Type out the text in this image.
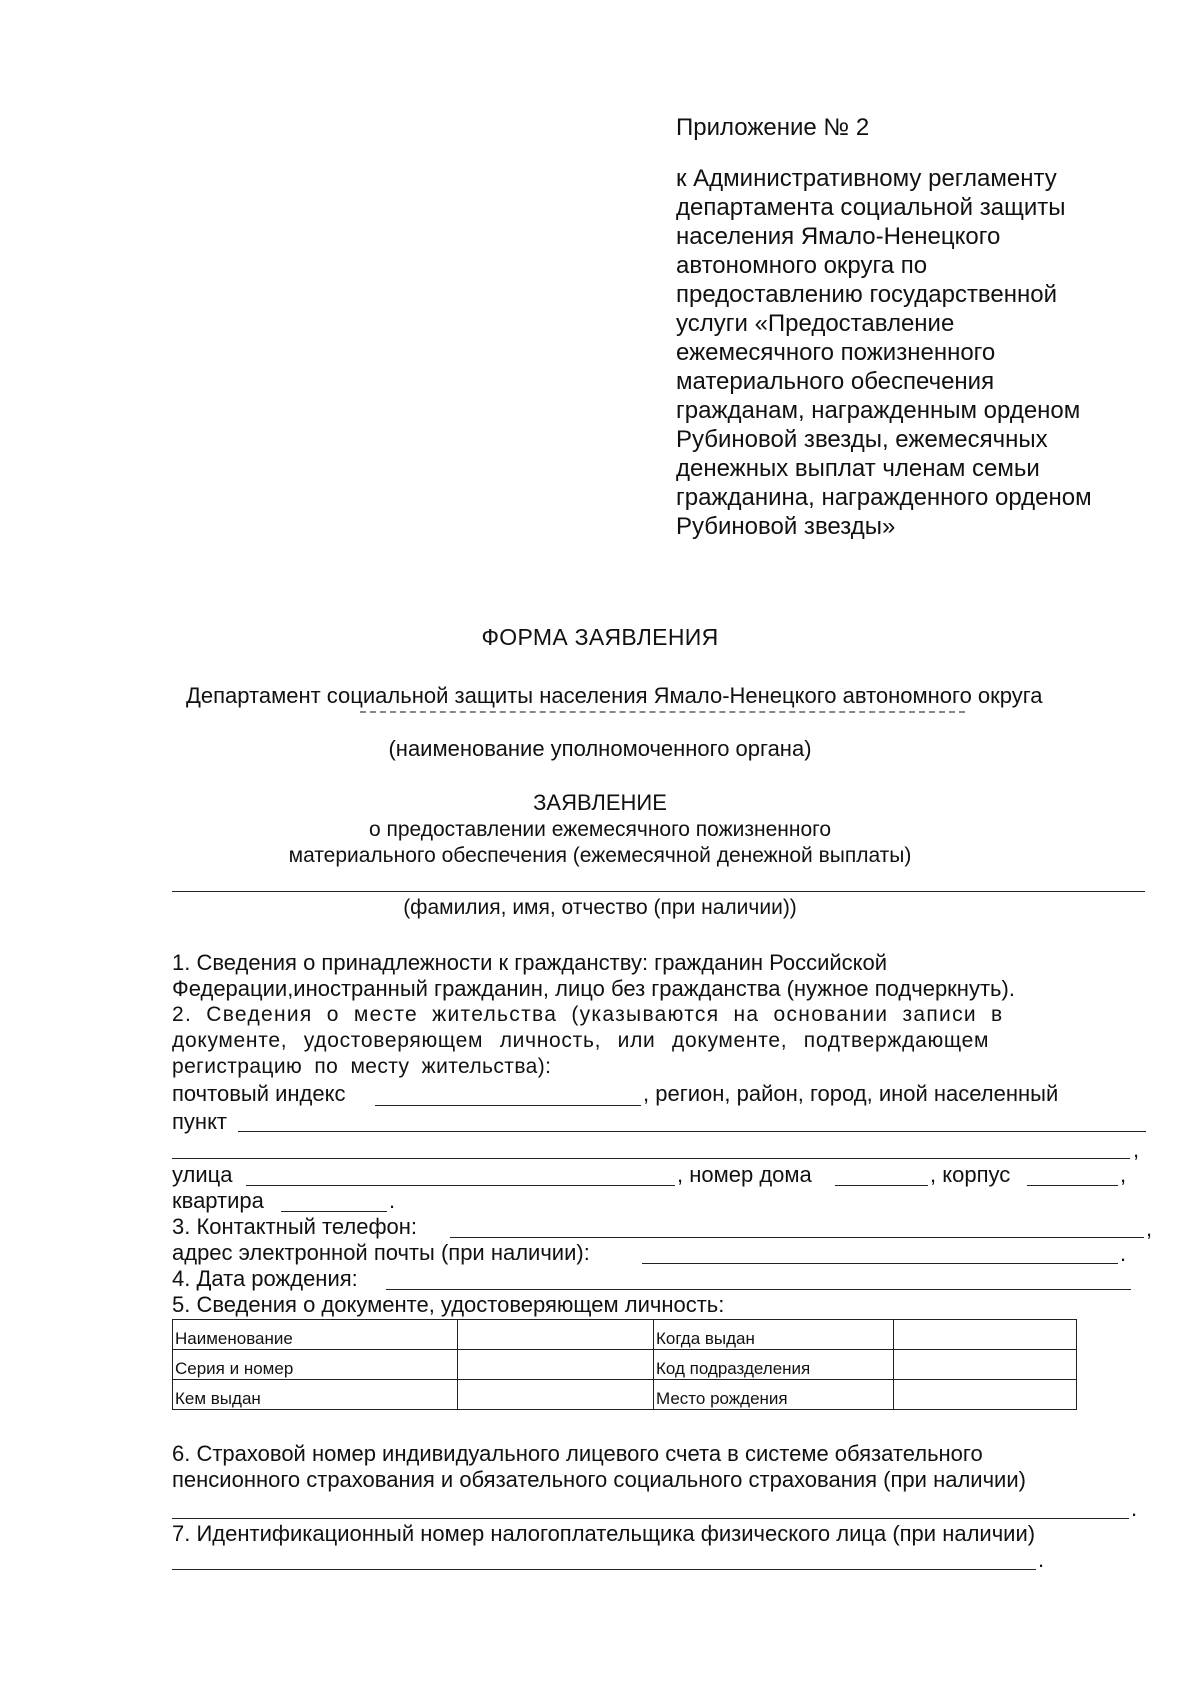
Приложение № 2
к Административному регламенту
департамента социальной защиты
населения Ямало-Ненецкого
автономного округа по
предоставлению государственной
услуги «Предоставление
ежемесячного пожизненного
материального обеспечения
гражданам, награжденным орденом
Рубиновой звезды, ежемесячных
денежных выплат членам семьи
гражданина, награжденного орденом
Рубиновой звезды»
ФОРМА ЗАЯВЛЕНИЯ
Департамент социальной защиты населения Ямало-Ненецкого автономного округа
(наименование уполномоченного органа)
ЗАЯВЛЕНИЕ
о предоставлении ежемесячного пожизненного
материального обеспечения (ежемесячной денежной выплаты)
(фамилия, имя, отчество (при наличии))
1. Сведения о принадлежности к гражданству: гражданин Российской
Федерации,иностранный гражданин, лицо без гражданства (нужное подчеркнуть).
2. Сведения о месте жительства (указываются на основании записи в
документе, удостоверяющем личность, или документе, подтверждающем
регистрацию по месту жительства):
почтовый индекс	, регион, район, город, иной населенный
пункт
,
улица	, номер дома	, корпус	,
квартира	.
3. Контактный телефон:	,
адрес электронной почты (при наличии):	.
4. Дата рождения:
5. Сведения о документе, удостоверяющем личность:
Наименование		Когда выдан	
Серия и номер		Код подразделения	
Кем выдан		Место рождения	
6. Страховой номер индивидуального лицевого счета в системе обязательного
пенсионного страхования и обязательного социального страхования (при наличии)
.
7. Идентификационный номер налогоплательщика физического лица (при наличии)
.
